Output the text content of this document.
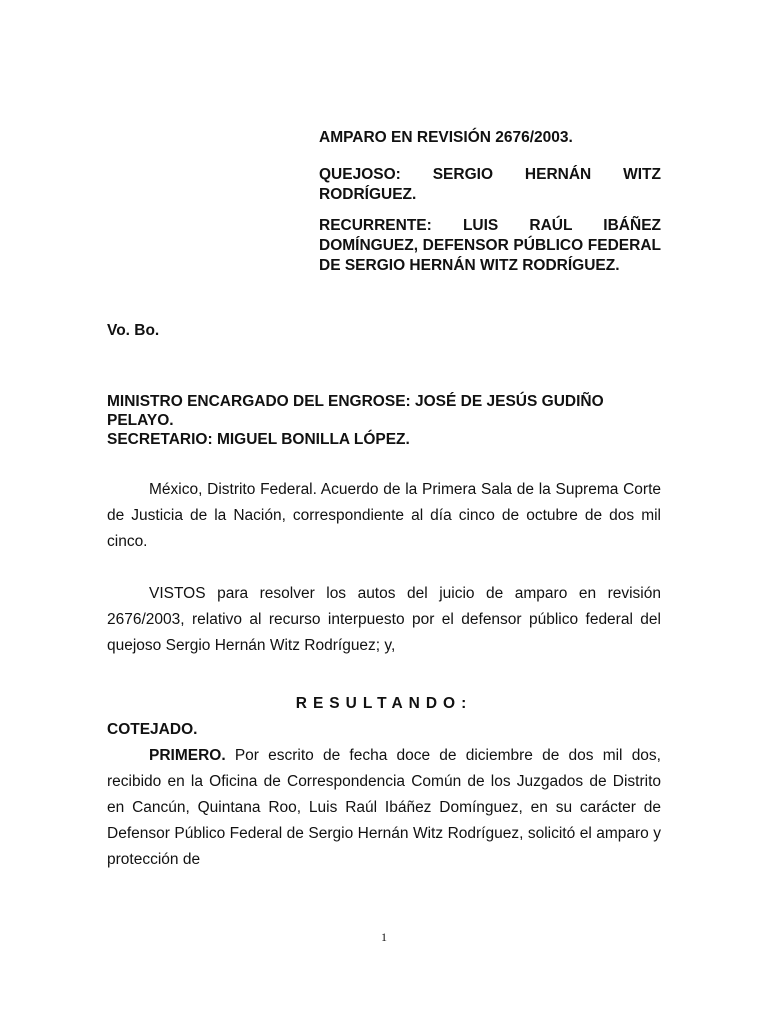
AMPARO EN REVISIÓN 2676/2003.
QUEJOSO: SERGIO HERNÁN WITZ RODRÍGUEZ.
RECURRENTE: LUIS RAÚL IBÁÑEZ DOMÍNGUEZ, DEFENSOR PÚBLICO FEDERAL DE SERGIO HERNÁN WITZ RODRÍGUEZ.
Vo. Bo.
MINISTRO ENCARGADO DEL ENGROSE: JOSÉ DE JESÚS GUDIÑO PELAYO.
SECRETARIO: MIGUEL BONILLA LÓPEZ.
México, Distrito Federal. Acuerdo de la Primera Sala de la Suprema Corte de Justicia de la Nación, correspondiente al día cinco de octubre de dos mil cinco.
VISTOS para resolver los autos del juicio de amparo en revisión 2676/2003, relativo al recurso interpuesto por el defensor público federal del quejoso Sergio Hernán Witz Rodríguez; y,
RESULTANDO:
COTEJADO.
PRIMERO. Por escrito de fecha doce de diciembre de dos mil dos, recibido en la Oficina de Correspondencia Común de los Juzgados de Distrito en Cancún, Quintana Roo, Luis Raúl Ibáñez Domínguez, en su carácter de Defensor Público Federal de Sergio Hernán Witz Rodríguez, solicitó el amparo y protección de
1
